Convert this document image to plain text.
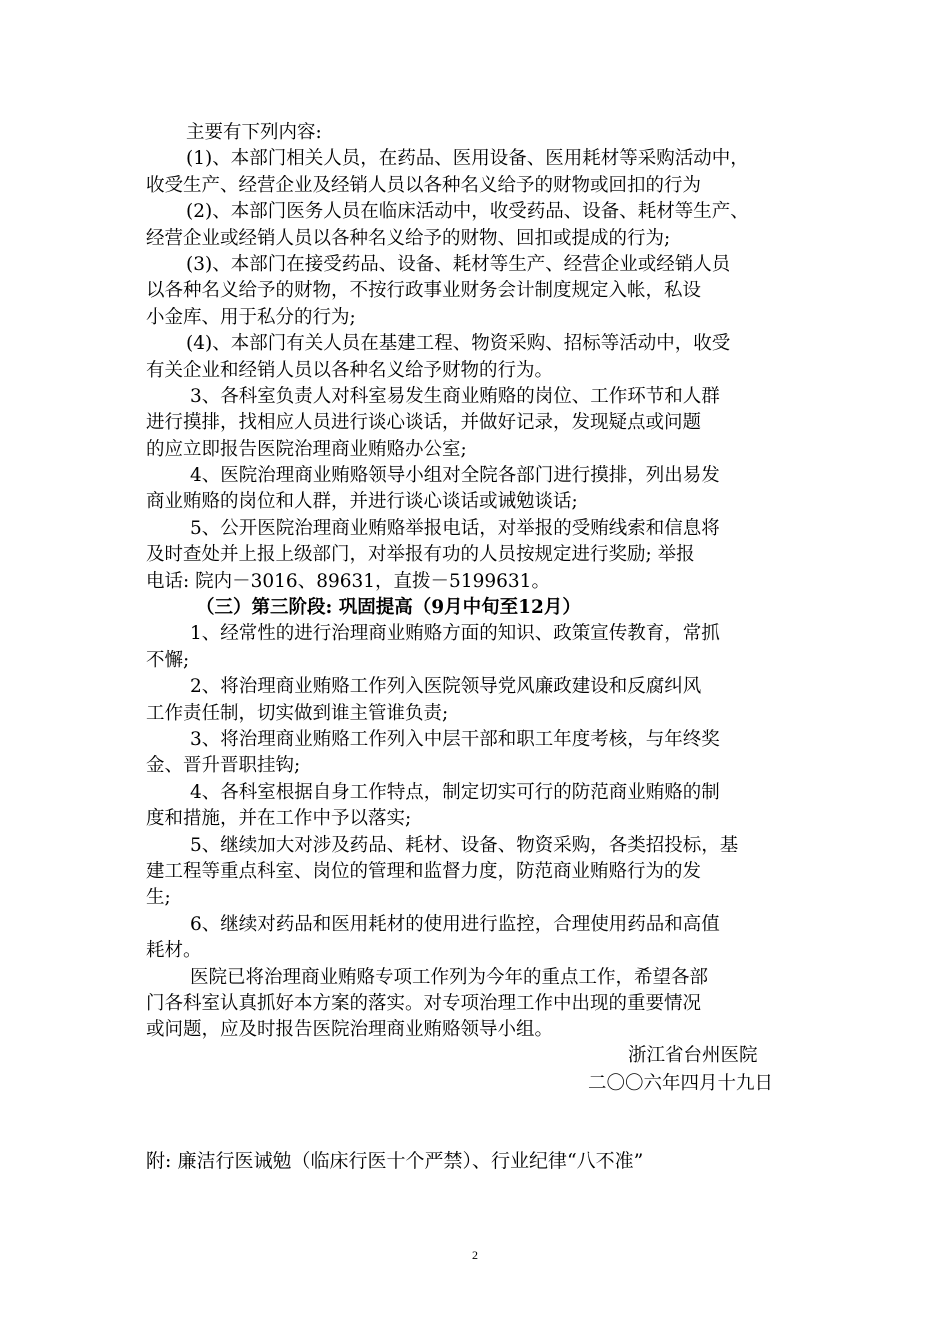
主要有下列内容:
(1)、本部门相关人员，在药品、医用设备、医用耗材等采购活动中，
收受生产、经营企业及经销人员以各种名义给予的财物或回扣的行为
(2)、本部门医务人员在临床活动中，收受药品、设备、耗材等生产、
经营企业或经销人员以各种名义给予的财物、回扣或提成的行为;
(3)、本部门在接受药品、设备、耗材等生产、经营企业或经销人员
以各种名义给予的财物，不按行政事业财务会计制度规定入帐，私设
小金库、用于私分的行为;
(4)、本部门有关人员在基建工程、物资采购、招标等活动中，收受
有关企业和经销人员以各种名义给予财物的行为。
3、各科室负责人对科室易发生商业贿赂的岗位、工作环节和人群
进行摸排，找相应人员进行谈心谈话，并做好记录，发现疑点或问题
的应立即报告医院治理商业贿赂办公室;
4、医院治理商业贿赂领导小组对全院各部门进行摸排，列出易发
商业贿赂的岗位和人群，并进行谈心谈话或诫勉谈话;
5、公开医院治理商业贿赂举报电话，对举报的受贿线索和信息将
及时查处并上报上级部门，对举报有功的人员按规定进行奖励; 举报
电话: 院内－3016、89631，直拨－5199631。
（三）第三阶段: 巩固提高（9月中旬至12月）
1、经常性的进行治理商业贿赂方面的知识、政策宣传教育，常抓
不懈;
2、将治理商业贿赂工作列入医院领导党风廉政建设和反腐纠风
工作责任制，切实做到谁主管谁负责;
3、将治理商业贿赂工作列入中层干部和职工年度考核，与年终奖
金、晋升晋职挂钩;
4、各科室根据自身工作特点，制定切实可行的防范商业贿赂的制
度和措施，并在工作中予以落实;
5、继续加大对涉及药品、耗材、设备、物资采购，各类招投标，基
建工程等重点科室、岗位的管理和监督力度，防范商业贿赂行为的发
生;
6、继续对药品和医用耗材的使用进行监控，合理使用药品和高值
耗材。
医院已将治理商业贿赂专项工作列为今年的重点工作，希望各部
门各科室认真抓好本方案的落实。对专项治理工作中出现的重要情况
或问题，应及时报告医院治理商业贿赂领导小组。
浙江省台州医院
二〇〇六年四月十九日
附: 廉洁行医诫勉（临床行医十个严禁）、行业纪律“八不准”
2
